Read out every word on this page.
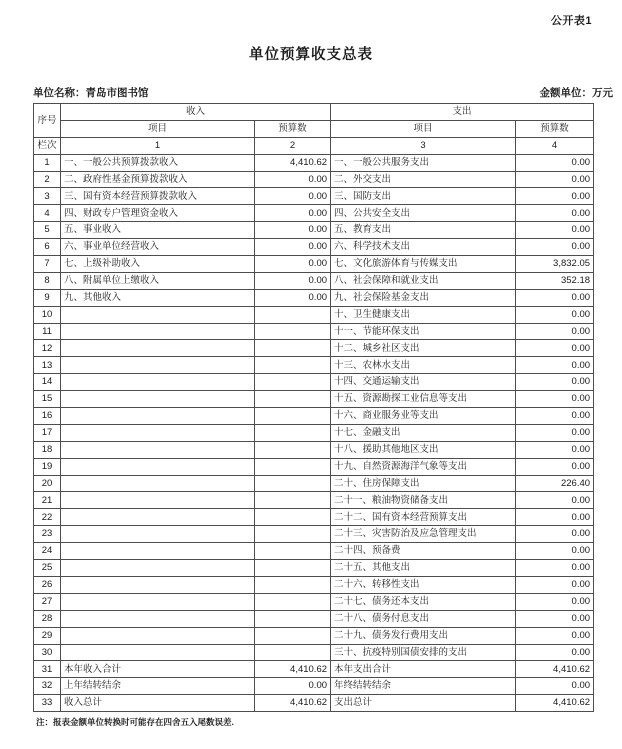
公开表1
单位预算收支总表
单位名称：青岛市图书馆	金额单位：万元
序号	收入		支出	
	项目	预算数	项目	预算数
栏次	1	2	3	4
1	一、一般公共预算拨款收入	4,410.62	一、一般公共服务支出	0.00
2	二、政府性基金预算拨款收入	0.00	二、外交支出	0.00
3	三、国有资本经营预算拨款收入	0.00	三、国防支出	0.00
4	四、财政专户管理资金收入	0.00	四、公共安全支出	0.00
5	五、事业收入	0.00	五、教育支出	0.00
6	六、事业单位经营收入	0.00	六、科学技术支出	0.00
7	七、上级补助收入	0.00	七、文化旅游体育与传媒支出	3,832.05
8	八、附属单位上缴收入	0.00	八、社会保障和就业支出	352.18
9	九、其他收入	0.00	九、社会保险基金支出	0.00
10			十、卫生健康支出	0.00
11			十一、节能环保支出	0.00
12			十二、城乡社区支出	0.00
13			十三、农林水支出	0.00
14			十四、交通运输支出	0.00
15			十五、资源勘探工业信息等支出	0.00
16			十六、商业服务业等支出	0.00
17			十七、金融支出	0.00
18			十八、援助其他地区支出	0.00
19			十九、自然资源海洋气象等支出	0.00
20			二十、住房保障支出	226.40
21			二十一、粮油物资储备支出	0.00
22			二十二、国有资本经营预算支出	0.00
23			二十三、灾害防治及应急管理支出	0.00
24			二十四、预备费	0.00
25			二十五、其他支出	0.00
26			二十六、转移性支出	0.00
27			二十七、债务还本支出	0.00
28			二十八、债务付息支出	0.00
29			二十九、债务发行费用支出	0.00
30			三十、抗疫特别国债安排的支出	0.00
31	本年收入合计	4,410.62	本年支出合计	4,410.62
32	上年结转结余	0.00	年终结转结余	0.00
33	收入总计	4,410.62	支出总计	4,410.62
注：报表金额单位转换时可能存在四舍五入尾数误差.
